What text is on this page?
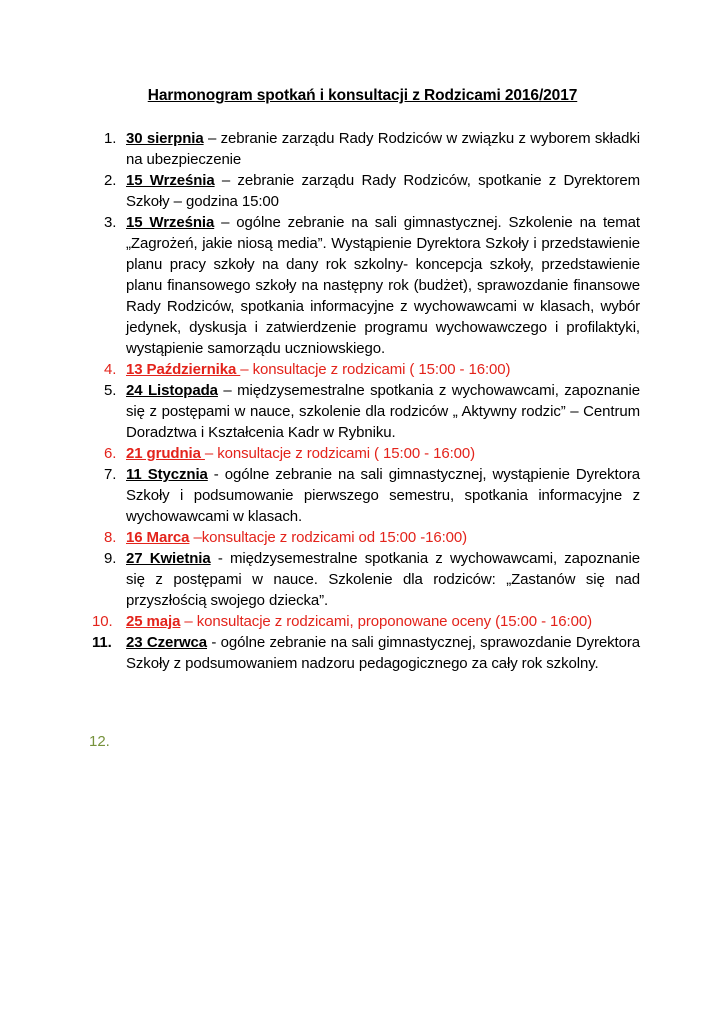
Harmonogram spotkań i konsultacji z Rodzicami 2016/2017
1. 30 sierpnia – zebranie zarządu Rady Rodziców w związku z wyborem składki na ubezpieczenie
2. 15 Września – zebranie zarządu Rady Rodziców, spotkanie z Dyrektorem Szkoły – godzina 15:00
3. 15 Września – ogólne zebranie na sali gimnastycznej. Szkolenie na temat „Zagrożeń, jakie niosą media”. Wystąpienie Dyrektora Szkoły i przedstawienie planu pracy szkoły na dany rok szkolny- koncepcja szkoły, przedstawienie planu finansowego szkoły na następny rok (budżet), sprawozdanie finansowe Rady Rodziców, spotkania informacyjne z wychowawcami w klasach, wybór jedynek, dyskusja i zatwierdzenie programu wychowawczego i profilaktyki, wystąpienie samorządu uczniowskiego.
4. 13 Października – konsultacje z rodzicami ( 15:00 - 16:00)
5. 24 Listopada – międzysemestralne spotkania z wychowawcami, zapoznanie się z postępami w nauce, szkolenie dla rodziców „ Aktywny rodzic” – Centrum Doradztwa i Kształcenia Kadr w Rybniku.
6. 21 grudnia – konsultacje z rodzicami ( 15:00 - 16:00)
7. 11 Stycznia - ogólne zebranie na sali gimnastycznej, wystąpienie Dyrektora Szkoły i podsumowanie pierwszego semestru, spotkania informacyjne z wychowawcami w klasach.
8. 16 Marca –konsultacje z rodzicami od 15:00 -16:00)
9. 27 Kwietnia - międzysemestralne spotkania z wychowawcami, zapoznanie się z postępami w nauce. Szkolenie dla rodziców: „Zastanów się nad przyszłością swojego dziecka”.
10. 25 maja – konsultacje z rodzicami, proponowane oceny (15:00 - 16:00)
11. 23 Czerwca - ogólne zebranie na sali gimnastycznej, sprawozdanie Dyrektora Szkoły z podsumowaniem nadzoru pedagogicznego za cały rok szkolny.
12.
